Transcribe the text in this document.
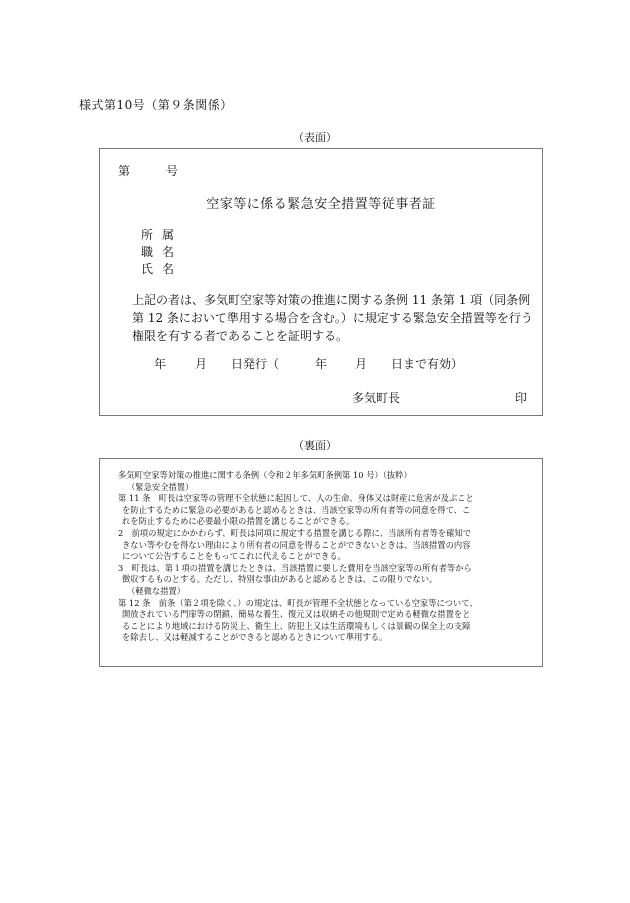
様式第10号（第９条関係）
（表面）
第	号
空家等に係る緊急安全措置等従事者証
所属
職名
氏名

上記の者は、多気町空家等対策の推進に関する条例 11 条第 1 項（同条例

第 12 条において準用する場合を含む。）に規定する緊急安全措置等を行う

権限を有する者であることを証明する。

年 月 日発行（	年 月 日まで有効）
多気町長	印
（裏面）

多気町空家等対策の推進に関する条例（令和２年多気町条例第 10 号）（抜粋）

（緊急安全措置）

第 11 条　町長は空家等の管理不全状態に起因して、人の生命、身体又は財産に危害が及ぶこと

を防止するために緊急の必要があると認めるときは、当該空家等の所有者等の同意を得て、こ

れを防止するために必要最小限の措置を講じることができる。

2　前項の規定にかかわらず、町長は同項に規定する措置を講じる際に、当該所有者等を確知で

きない等やむを得ない理由により所有者の同意を得ることができないときは、当該措置の内容

について公告することをもってこれに代えることができる。

3　町長は、第１項の措置を講じたときは、当該措置に要した費用を当該空家等の所有者等から

徴収するものとする。ただし、特別な事由があると認めるときは、この限りでない。

（軽微な措置）

第 12 条　前条（第２項を除く。）の規定は、町長が管理不全状態となっている空家等について、

開放されている門扉等の閉鎖、簡易な養生、復元又は収納その他規則で定める軽微な措置をと

ることにより地域における防災上、衛生上、防犯上又は生活環境もしくは景観の保全上の支障

を除去し、又は軽減することができると認めるときについて準用する。
